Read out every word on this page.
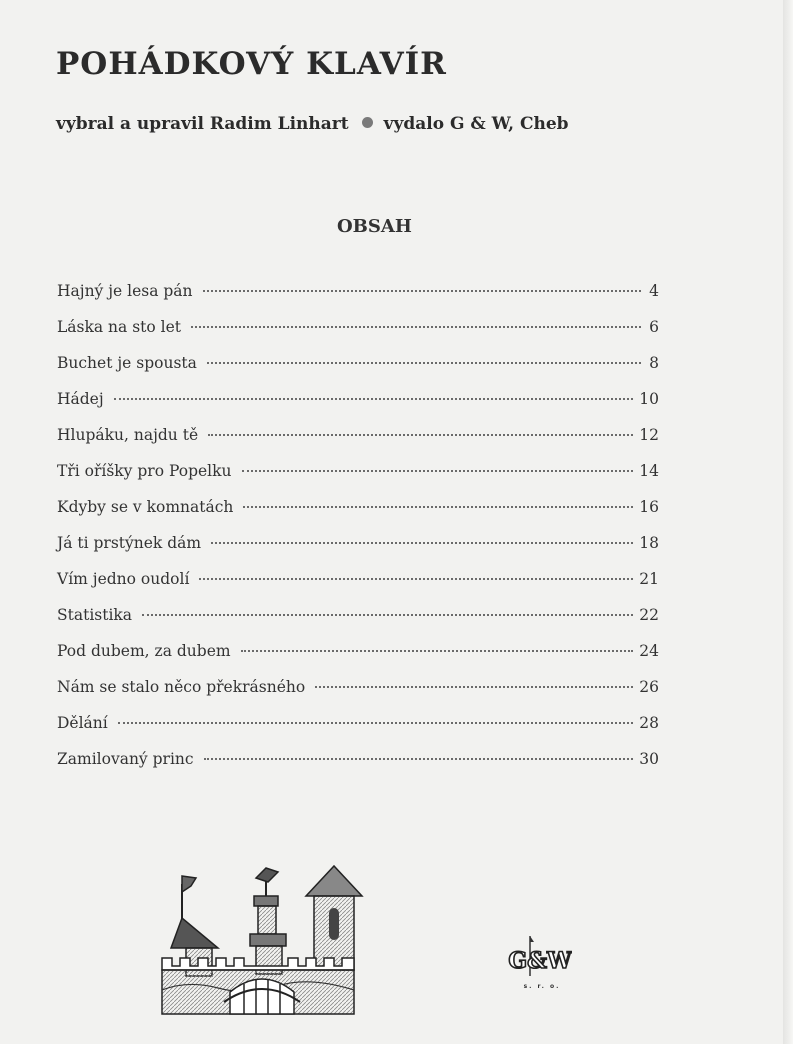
POHÁDKOVÝ KLAVÍR
vybral a upravil Radim Linhart vydalo G & W, Cheb
OBSAH
Hajný je lesa pán	4
Láska na sto let	6
Buchet je spousta	8
Hádej	10
Hlupáku, najdu tě	12
Tři oříšky pro Popelku	14
Kdyby se v komnatách	16
Já ti prstýnek dám	18
Vím jedno oudolí	21
Statistika	22
Pod dubem, za dubem	24
Nám se stalo něco překrásného	26
Dělání	28
Zamilovaný princ	30
G&W
s. r. o.
